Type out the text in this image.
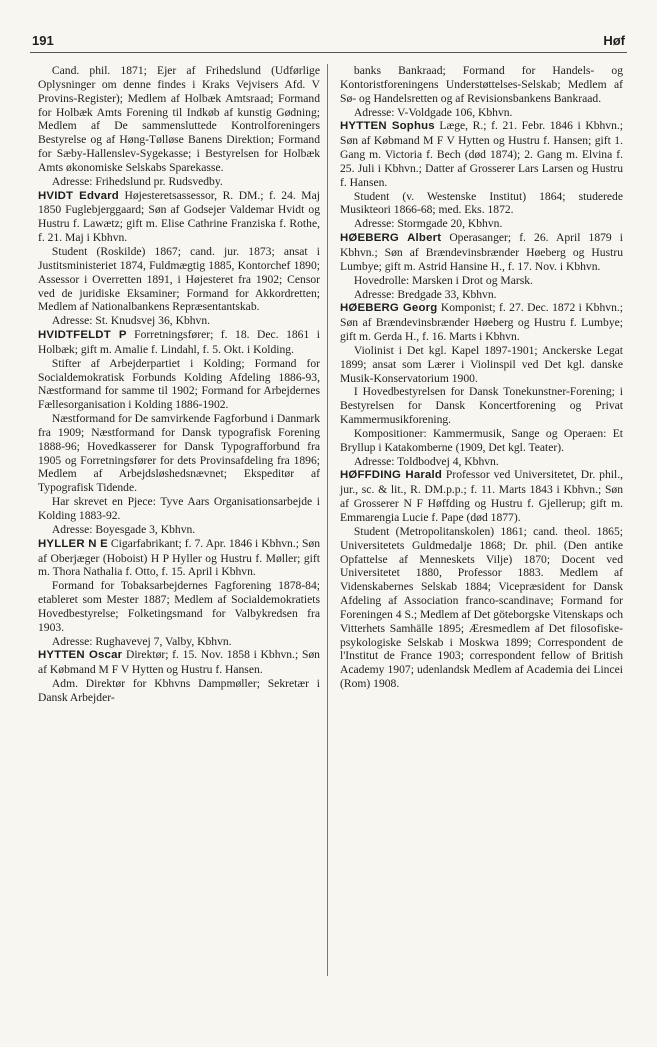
191	Høf

Cand. phil. 1871; Ejer af Frihedslund (Udførlige Oplysninger om denne findes i Kraks Vejvisers Afd. V Provins-Register); Medlem af Holbæk Amtsraad; Formand for Holbæk Amts Forening til Indkøb af kunstig Gødning; Medlem af De sammensluttede Kontrolforeningers Bestyrelse og af Høng-Tølløse Banens Direktion; Formand for Sæby-Hallenslev-Sygekasse; i Bestyrelsen for Holbæk Amts økonomiske Selskabs Sparekasse.

Adresse: Frihedslund pr. Rudsvedby.

HVIDT Edvard Højesteretsassessor, R. DM.; f. 24. Maj 1850 Fuglebjerggaard; Søn af Godsejer Valdemar Hvidt og Hustru f. Lawætz; gift m. Elise Cathrine Franziska f. Rothe, f. 21. Maj i Kbhvn.

Student (Roskilde) 1867; cand. jur. 1873; ansat i Justitsministeriet 1874, Fuldmægtig 1885, Kontorchef 1890; Assessor i Overretten 1891, i Højesteret fra 1902; Censor ved de juridiske Eksaminer; Formand for Akkordretten; Medlem af Nationalbankens Repræsentantskab.

Adresse: St. Knudsvej 36, Kbhvn.

HVIDTFELDT P Forretningsfører; f. 18. Dec. 1861 i Holbæk; gift m. Amalie f. Lindahl, f. 5. Okt. i Kolding.

Stifter af Arbejderpartiet i Kolding; Formand for Socialdemokratisk Forbunds Kolding Afdeling 1886-93, Næstformand for samme til 1902; Formand for Arbejdernes Fællesorganisation i Kolding 1886-1902.

Næstformand for De samvirkende Fagforbund i Danmark fra 1909; Næstformand for Dansk typografisk Forening 1888-96; Hovedkasserer for Dansk Typografforbund fra 1905 og Forretningsfører for dets Provinsafdeling fra 1896; Medlem af Arbejdsløshedsnævnet; Ekspeditør af Typografisk Tidende.

Har skrevet en Pjece: Tyve Aars Organisationsarbejde i Kolding 1883-92.

Adresse: Boyesgade 3, Kbhvn.

HYLLER N E Cigarfabrikant; f. 7. Apr. 1846 i Kbhvn.; Søn af Oberjæger (Hoboist) H P Hyller og Hustru f. Møller; gift m. Thora Nathalia f. Otto, f. 15. April i Kbhvn.

Formand for Tobaksarbejdernes Fagforening 1878-84; etableret som Mester 1887; Medlem af Socialdemokratiets Hovedbestyrelse; Folketingsmand for Valbykredsen fra 1903.

Adresse: Rughavevej 7, Valby, Kbhvn.

HYTTEN Oscar Direktør; f. 15. Nov. 1858 i Kbhvn.; Søn af Købmand M F V Hytten og Hustru f. Hansen.

Adm. Direktør for Kbhvns Dampmøller; Sekretær i Dansk Arbejder-

banks Bankraad; Formand for Handels- og Kontoristforeningens Understøttelses-Selskab; Medlem af Sø- og Handelsretten og af Revisionsbankens Bankraad.

Adresse: V-Voldgade 106, Kbhvn.

HYTTEN Sophus Læge, R.; f. 21. Febr. 1846 i Kbhvn.; Søn af Købmand M F V Hytten og Hustru f. Hansen; gift 1. Gang m. Victoria f. Bech (død 1874); 2. Gang m. Elvina f. 25. Juli i Kbhvn.; Datter af Grosserer Lars Larsen og Hustru f. Hansen.

Student (v. Westenske Institut) 1864; studerede Musikteori 1866-68; med. Eks. 1872.

Adresse: Stormgade 20, Kbhvn.

HØEBERG Albert Operasanger; f. 26. April 1879 i Kbhvn.; Søn af Brændevinsbrænder Høeberg og Hustru Lumbye; gift m. Astrid Hansine H., f. 17. Nov. i Kbhvn.

Hovedrolle: Marsken i Drot og Marsk.

Adresse: Bredgade 33, Kbhvn.

HØEBERG Georg Komponist; f. 27. Dec. 1872 i Kbhvn.; Søn af Brændevinsbrænder Høeberg og Hustru f. Lumbye; gift m. Gerda H., f. 16. Marts i Kbhvn.

Violinist i Det kgl. Kapel 1897-1901; Anckerske Legat 1899; ansat som Lærer i Violinspil ved Det kgl. danske Musik-Konservatorium 1900.

I Hovedbestyrelsen for Dansk Tonekunstner-Forening; i Bestyrelsen for Dansk Koncertforening og Privat Kammermusikforening.

Kompositioner: Kammermusik, Sange og Operaen: Et Bryllup i Katakomberne (1909, Det kgl. Teater).

Adresse: Toldbodvej 4, Kbhvn.

HØFFDING Harald Professor ved Universitetet, Dr. phil., jur., sc. & lit., R. DM.p.p.; f. 11. Marts 1843 i Kbhvn.; Søn af Grosserer N F Høffding og Hustru f. Gjellerup; gift m. Emmarengia Lucie f. Pape (død 1877).

Student (Metropolitanskolen) 1861; cand. theol. 1865; Universitetets Guldmedalje 1868; Dr. phil. (Den antike Opfattelse af Menneskets Vilje) 1870; Docent ved Universitetet 1880, Professor 1883. Medlem af Videnskabernes Selskab 1884; Vicepræsident for Dansk Afdeling af Association franco-scandinave; Formand for Foreningen 4 S.; Medlem af Det göteborgske Vitenskaps och Vitterhets Samhälle 1895; Æresmedlem af Det filosofiske-psykologiske Selskab i Moskwa 1899; Correspondent de l'Institut de France 1903; correspondent fellow of British Academy 1907; udenlandsk Medlem af Academia dei Lincei (Rom) 1908.
